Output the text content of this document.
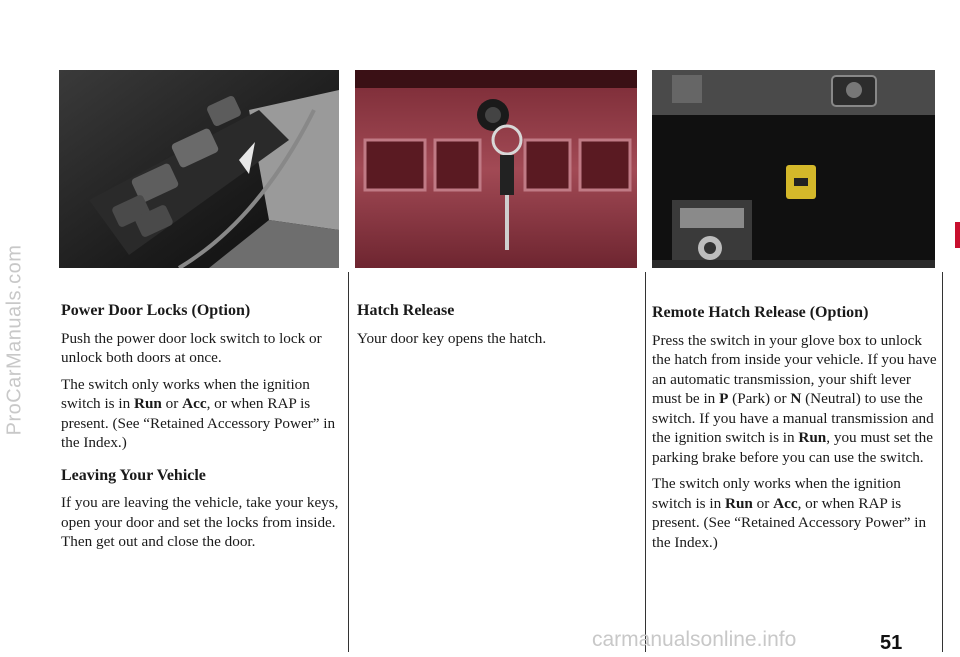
ProCarManuals.com Power Door Locks (Option)

Push the power door lock switch to lock or unlock both doors at once.

The switch only works when the ignition switch is in Run or Acc, or when RAP is present. (See “Retained Accessory Power” in the Index.)

Leaving Your Vehicle

If you are leaving the vehicle, take your keys, open your door and set the locks from inside. Then get out and close the door.

Hatch Release

Your door key opens the hatch.

Remote Hatch Release (Option)

Press the switch in your glove box to unlock the hatch from inside your vehicle. If you have an automatic transmission, your shift lever must be in P (Park) or N (Neutral) to use the switch. If you have a manual transmission and the ignition switch is in Run, you must set the parking brake before you can use the switch.

The switch only works when the ignition switch is in Run or Acc, or when RAP is present. (See “Retained Accessory Power” in the Index.)

51
carmanualsonline.info
